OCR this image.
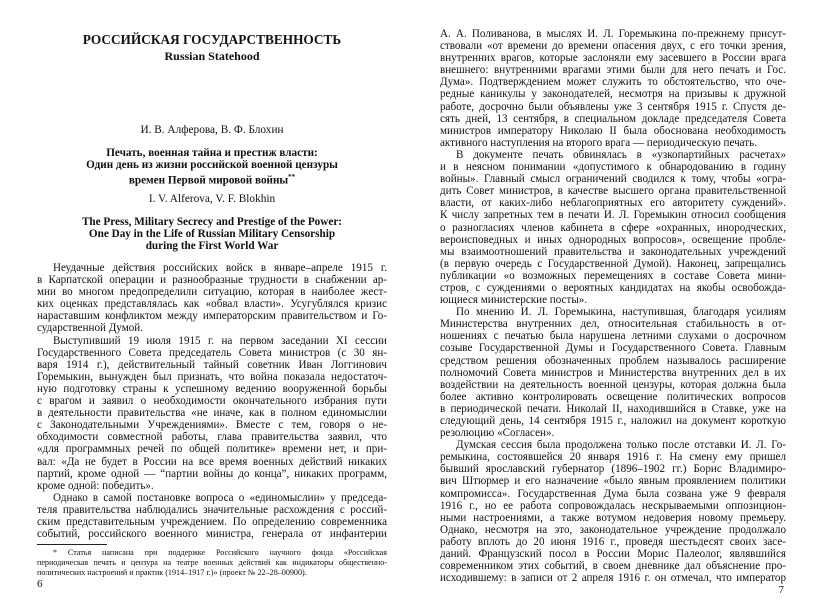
РОССИЙСКАЯ ГОСУДАРСТВЕННОСТЬ
Russian Statehood
И. В. Алферова, В. Ф. Блохин
Печать, военная тайна и престиж власти:
Один день из жизни российской военной цензуры
времен Первой мировой войны**
I. V. Alferova, V. F. Blokhin
The Press, Military Secrecy and Prestige of the Power:
One Day in the Life of Russian Military Censorship
during the First World War
Неудачные действия российских войск в январе–апреле 1915 г.
в Карпатской операции и разнообразные трудности в снабжении ар-
мии во многом предопределили ситуацию, которая в наиболее жест-
ких оценках представлялась как «обвал власти». Усугублялся кризис
нараставшим конфликтом между императорским правительством и Го-
сударственной Думой.
Выступивший 19 июля 1915 г. на первом заседании XI сессии
Государственного Совета председатель Совета министров (с 30 ян-
варя 1914 г.), действительный тайный советник Иван Логгинович
Горемыкин, вынужден был признать, что война показала недостаточ-
ную подготовку страны к успешному ведению вооруженной борьбы
с врагом и заявил о необходимости окончательного избрания пути
в деятельности правительства «не иначе, как в полном единомыслии
с Законодательными Учреждениями». Вместе с тем, говоря о не-
обходимости совместной работы, глава правительства заявил, что
«для программных речей по общей политике» времени нет, и при-
вал: «Да не будет в России на все время военных действий никаких
партий, кроме одной — “партии войны до конца”, никаких программ,
кроме одной: победить».
Однако в самой постановке вопроса о «единомыслии» у председа-
теля правительства наблюдались значительные расхождения с россий-
ским представительным учреждением. По определению современника
событий, российского военного министра, генерала от инфантерии
* Статья написана при поддержке Российского научного фонда «Российская
периодическая печать и цензура на театре военных действий как индикаторы общественно-
политических настроений и практик (1914–1917 г.)» (проект № 22–28–00900).
6
А. А. Поливанова, в мыслях И. Л. Горемыкина по-прежнему присут-
ствовали «от времени до времени опасения двух, с его точки зрения,
внутренних врагов, которые заслоняли ему засевшего в России врага
внешнего: внутренними врагами этими были для него печать и Гос.
Дума». Подтверждением может служить то обстоятельство, что оче-
редные каникулы у законодателей, несмотря на призывы к дружной
работе, досрочно были объявлены уже 3 сентября 1915 г. Спустя де-
сять дней, 13 сентября, в специальном докладе председателя Совета
министров императору Николаю II была обоснована необходимость
активного наступления на второго врага — периодическую печать.
В документе печать обвинялась в «узкопартийных расчетах»
и в неясном понимании «допустимого к обнародованию в годину
войны». Главный смысл ограничений сводился к тому, чтобы «огра-
дить Совет министров, в качестве высшего органа правительственной
власти, от каких-либо неблагоприятных его авторитету суждений».
К числу запретных тем в печати И. Л. Горемыкин относил сообщения
о разногласиях членов кабинета в сфере «охранных, инородческих,
вероисповедных и иных однородных вопросов», освещение пробле-
мы взаимоотношений правительства и законодательных учреждений
(в первую очередь с Государственной Думой). Наконец, запрещались
публикации «о возможных перемещениях в составе Совета мини-
стров, с суждениями о вероятных кандидатах на якобы освобожда-
ющиеся министерские посты».
По мнению И. Л. Горемыкина, наступившая, благодаря усилиям
Министерства внутренних дел, относительная стабильность в от-
ношениях с печатью была нарушена летними слухами о досрочном
созыве Государственной Думы и Государственного Совета. Главным
средством решения обозначенных проблем называлось расширение
полномочий Совета министров и Министерства внутренних дел в их
воздействии на деятельность военной цензуры, которая должна была
более активно контролировать освещение политических вопросов
в периодической печати. Николай II, находившийся в Ставке, уже на
следующий день, 14 сентября 1915 г., наложил на документ короткую
резолюцию «Согласен».
Думская сессия была продолжена только после отставки И. Л. Го-
ремыкина, состоявшейся 20 января 1916 г. На смену ему пришел
бывший ярославский губернатор (1896–1902 гг.) Борис Владимиро-
вич Штюрмер и его назначение «было явным проявлением политики
компромисса». Государственная Дума была созвана уже 9 февраля
1916 г., но ее работа сопровождалась нескрываемыми оппозицион-
ными настроениями, а также вотумом недоверия новому премьеру.
Однако, несмотря на это, законодательное учреждение продолжало
работу вплоть до 20 июня 1916 г., проведя шестьдесят своих засе-
даний. Французский посол в России Морис Палеолог, являвшийся
современником этих событий, в своем дневнике дал объяснение про-
исходившему: в записи от 2 апреля 1916 г. он отмечал, что император
7
